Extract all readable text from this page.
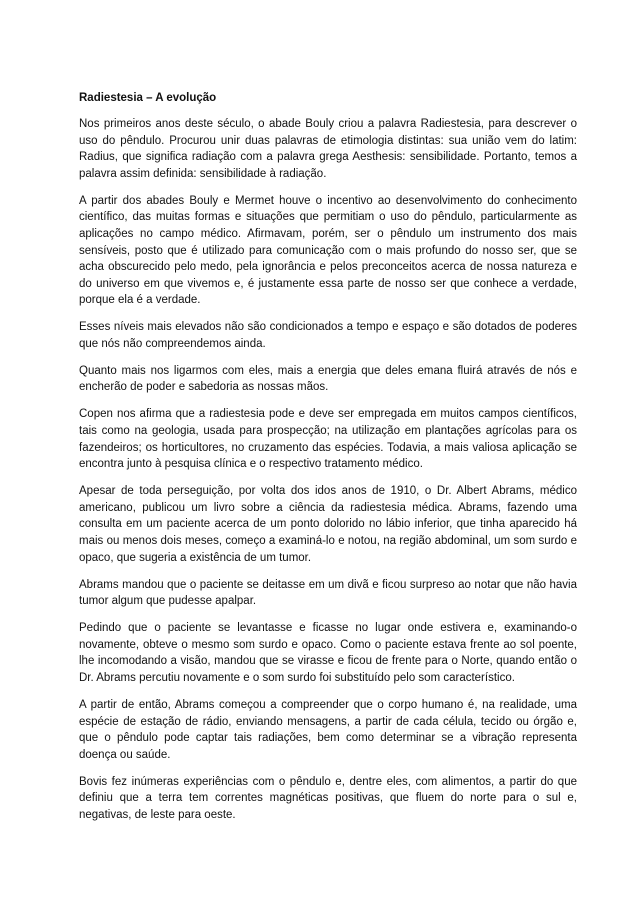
Radiestesia – A evolução

Nos primeiros anos deste século, o abade Bouly criou a palavra Radiestesia, para descrever o uso do pêndulo. Procurou unir duas palavras de etimologia distintas: sua união vem do latim: Radius, que significa radiação com a palavra grega Aesthesis: sensibilidade. Portanto, temos a palavra assim definida: sensibilidade à radiação.

A partir dos abades Bouly e Mermet houve o incentivo ao desenvolvimento do conhecimento científico, das muitas formas e situações que permitiam o uso do pêndulo, particularmente as aplicações no campo médico. Afirmavam, porém, ser o pêndulo um instrumento dos mais sensíveis, posto que é utilizado para comunicação com o mais profundo do nosso ser, que se acha obscurecido pelo medo, pela ignorância e pelos preconceitos acerca de nossa natureza e do universo em que vivemos e, é justamente essa parte de nosso ser que conhece a verdade, porque ela é a verdade.

Esses níveis mais elevados não são condicionados a tempo e espaço e são dotados de poderes que nós não compreendemos ainda.

Quanto mais nos ligarmos com eles, mais a energia que deles emana fluirá através de nós e encherão de poder e sabedoria as nossas mãos.

Copen nos afirma que a radiestesia pode e deve ser empregada em muitos campos científicos, tais como na geologia, usada para prospecção; na utilização em plantações agrícolas para os fazendeiros; os horticultores, no cruzamento das espécies. Todavia, a mais valiosa aplicação se encontra junto à pesquisa clínica e o respectivo tratamento médico.

Apesar de toda perseguição, por volta dos idos anos de 1910, o Dr. Albert Abrams, médico americano, publicou um livro sobre a ciência da radiestesia médica. Abrams, fazendo uma consulta em um paciente acerca de um ponto dolorido no lábio inferior, que tinha aparecido há mais ou menos dois meses, começo a examiná-lo e notou, na região abdominal, um som surdo e opaco, que sugeria a existência de um tumor.

Abrams mandou que o paciente se deitasse em um divã e ficou surpreso ao notar que não havia tumor algum que pudesse apalpar.

Pedindo que o paciente se levantasse e ficasse no lugar onde estivera e, examinando-o novamente, obteve o mesmo som surdo e opaco. Como o paciente estava frente ao sol poente, lhe incomodando a visão, mandou que se virasse e ficou de frente para o Norte, quando então o Dr. Abrams percutiu novamente e o som surdo foi substituído pelo som característico.

A partir de então, Abrams começou a compreender que o corpo humano é, na realidade, uma espécie de estação de rádio, enviando mensagens, a partir de cada célula, tecido ou órgão e, que o pêndulo pode captar tais radiações, bem como determinar se a vibração representa doença ou saúde.

Bovis fez inúmeras experiências com o pêndulo e, dentre eles, com alimentos, a partir do que definiu que a terra tem correntes magnéticas positivas, que fluem do norte para o sul e, negativas, de leste para oeste.
